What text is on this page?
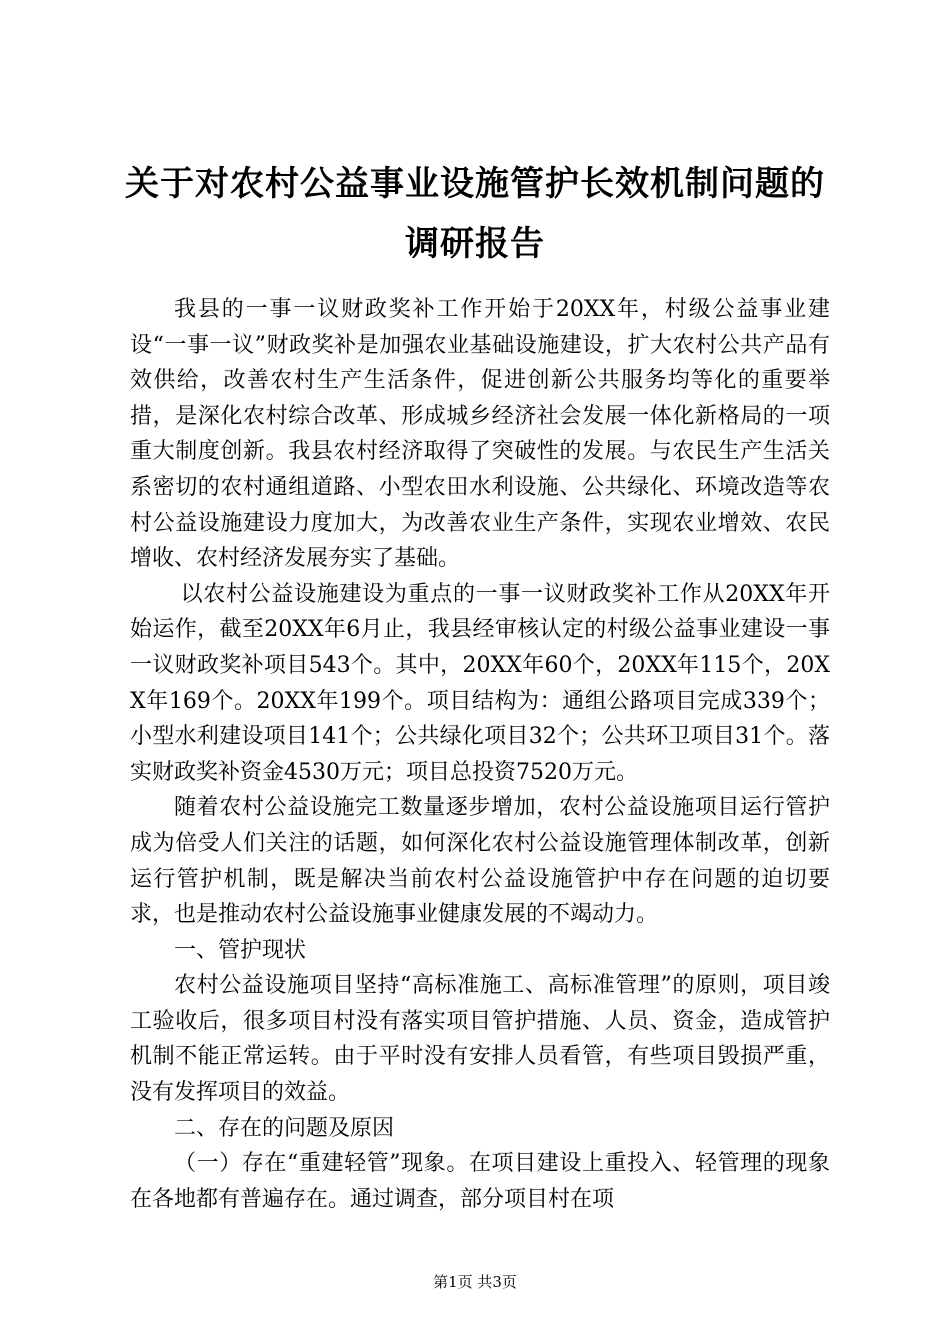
关于对农村公益事业设施管护长效机制问题的
调研报告

我县的一事一议财政奖补工作开始于20XX年，村级公益事业建设“一事一议”财政奖补是加强农业基础设施建设，扩大农村公共产品有效供给，改善农村生产生活条件，促进创新公共服务均等化的重要举措，是深化农村综合改革、形成城乡经济社会发展一体化新格局的一项重大制度创新。我县农村经济取得了突破性的发展。与农民生产生活关系密切的农村通组道路、小型农田水利设施、公共绿化、环境改造等农村公益设施建设力度加大，为改善农业生产条件，实现农业增效、农民增收、农村经济发展夯实了基础。

以农村公益设施建设为重点的一事一议财政奖补工作从20XX年开始运作，截至20XX年6月止，我县经审核认定的村级公益事业建设一事一议财政奖补项目543个。其中，20XX年60个，20XX年115个，20XX年169个。20XX年199个。项目结构为：通组公路项目完成339个；小型水利建设项目141个；公共绿化项目32个；公共环卫项目31个。落实财政奖补资金4530万元；项目总投资7520万元。

随着农村公益设施完工数量逐步增加，农村公益设施项目运行管护成为倍受人们关注的话题，如何深化农村公益设施管理体制改革，创新运行管护机制，既是解决当前农村公益设施管护中存在问题的迫切要求，也是推动农村公益设施事业健康发展的不竭动力。

一、管护现状

农村公益设施项目坚持“高标准施工、高标准管理”的原则，项目竣工验收后，很多项目村没有落实项目管护措施、人员、资金，造成管护机制不能正常运转。由于平时没有安排人员看管，有些项目毁损严重，没有发挥项目的效益。

二、存在的问题及原因

（一）存在“重建轻管”现象。在项目建设上重投入、轻管理的现象在各地都有普遍存在。通过调查，部分项目村在项

第1页 共3页
